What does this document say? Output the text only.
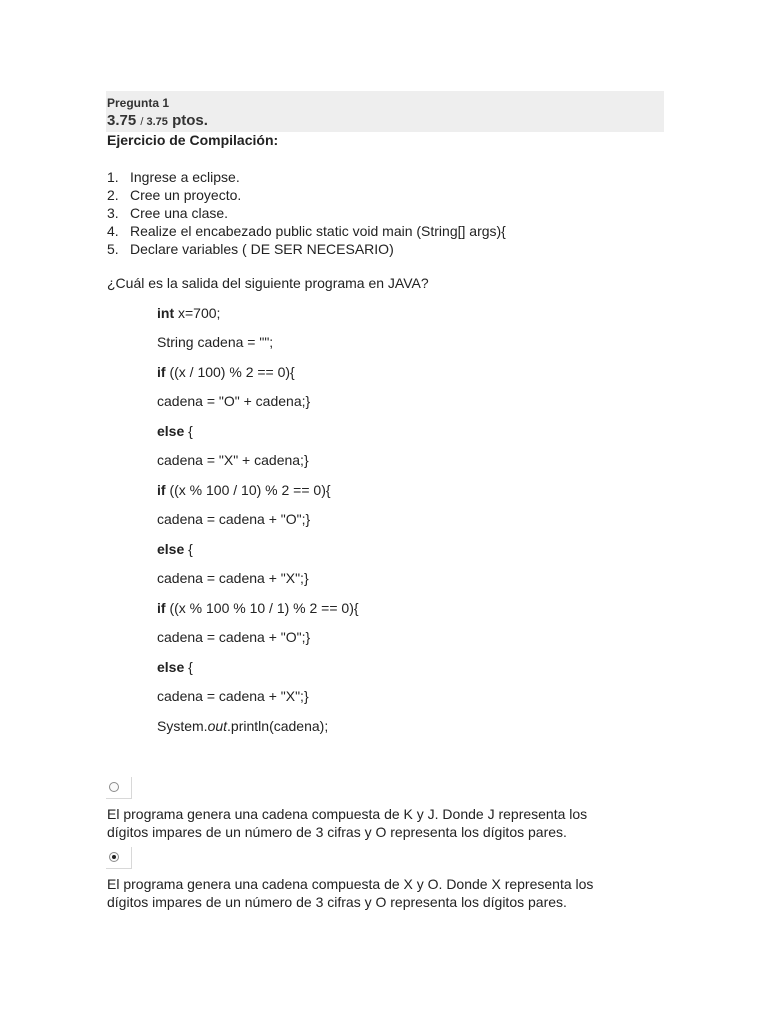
Pregunta 1
3.75 / 3.75 ptos.
Ejercicio de Compilación:
1. Ingrese a eclipse.
2. Cree un proyecto.
3. Cree una clase.
4. Realize el encabezado public static void main (String[] args){
5. Declare variables ( DE SER NECESARIO)
¿Cuál es la salida del siguiente programa en JAVA?
int x=700;
String cadena = "";
if ((x / 100) % 2 == 0){
cadena = "O" + cadena;}
else {
cadena = "X" + cadena;}
if ((x % 100 / 10) % 2 == 0){
cadena = cadena + "O";}
else {
cadena = cadena + "X";}
if ((x % 100 % 10 / 1) % 2 == 0){
cadena = cadena + "O";}
else {
cadena = cadena + "X";}
System.out.println(cadena);
El programa genera una cadena compuesta de K y J. Donde J representa los
dígitos impares de un número de 3 cifras y O representa los dígitos pares.
El programa genera una cadena compuesta de X y O. Donde X representa los
dígitos impares de un número de 3 cifras y O representa los dígitos pares.
